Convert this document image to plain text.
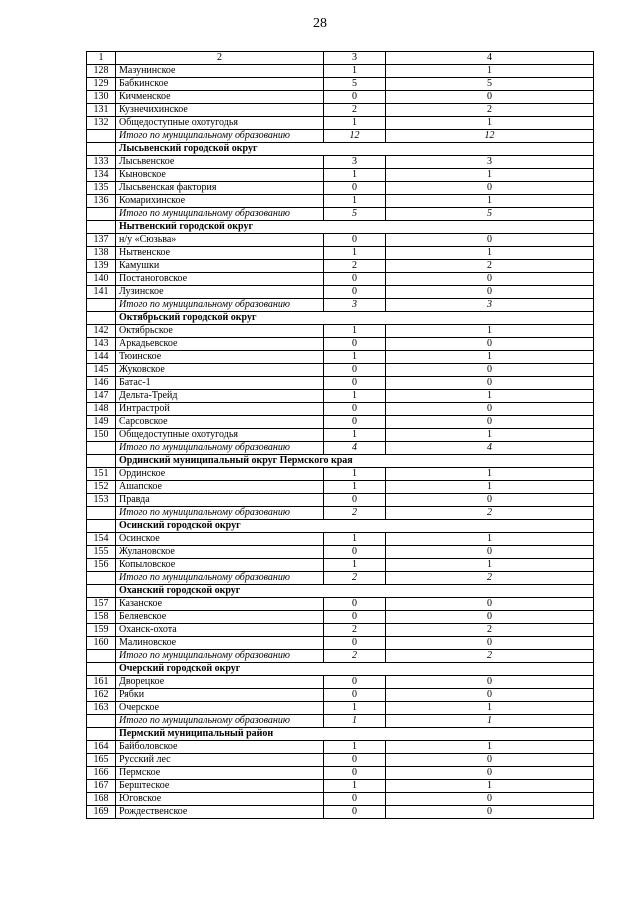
28
1	2	3	4
128	Мазунинское	1	1
129	Бабкинское	5	5
130	Кичменское	0	0
131	Кузнечихинское	2	2
132	Общедоступные охотугодья	1	1
	Итого по муниципальному образованию	12	12
	Лысьвенский городской округ		
133	Лысьвенское	3	3
134	Кыновское	1	1
135	Лысьвенская фактория	0	0
136	Комарихинское	1	1
	Итого по муниципальному образованию	5	5
	Нытвенский городской округ		
137	н/у «Сюзьва»	0	0
138	Нытвенское	1	1
139	Камушки	2	2
140	Постаноговское	0	0
141	Лузинское	0	0
	Итого по муниципальному образованию	3	3
	Октябрьский городской округ		
142	Октябрьское	1	1
143	Аркадьевское	0	0
144	Тюинское	1	1
145	Жуковское	0	0
146	Батас-1	0	0
147	Дельта-Трейд	1	1
148	Интрастрой	0	0
149	Сарсовское	0	0
150	Общедоступные охотугодья	1	1
	Итого по муниципальному образованию	4	4
	Ординский муниципальный округ Пермского края		
151	Ординское	1	1
152	Ашапское	1	1
153	Правда	0	0
	Итого по муниципальному образованию	2	2
	Осинский городской округ		
154	Осинское	1	1
155	Жулановское	0	0
156	Копыловское	1	1
	Итого по муниципальному образованию	2	2
	Оханский городской округ		
157	Казанское	0	0
158	Беляевское	0	0
159	Оханск-охота	2	2
160	Малиновское	0	0
	Итого по муниципальному образованию	2	2
	Очерский городской округ		
161	Дворецкое	0	0
162	Рябки	0	0
163	Очерское	1	1
	Итого по муниципальному образованию	1	1
	Пермский муниципальный район		
164	Байболовское	1	1
165	Русский лес	0	0
166	Пермское	0	0
167	Берштеское	1	1
168	Юговское	0	0
169	Рождественское	0	0
